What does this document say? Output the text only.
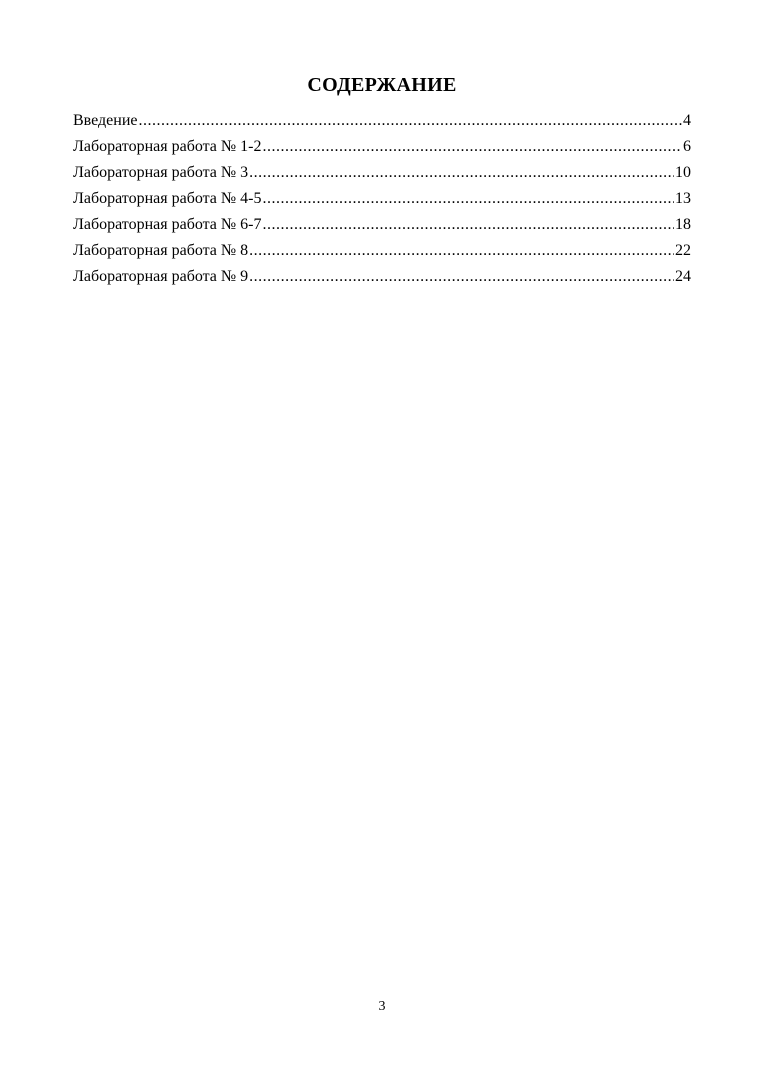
СОДЕРЖАНИЕ
Введение .....	4
Лабораторная работа № 1-2 .....	6
Лабораторная работа № 3 .....	10
Лабораторная работа № 4-5 .....	13
Лабораторная работа № 6-7 .....	18
Лабораторная работа № 8 .....	22
Лабораторная работа № 9 .....	24
3
